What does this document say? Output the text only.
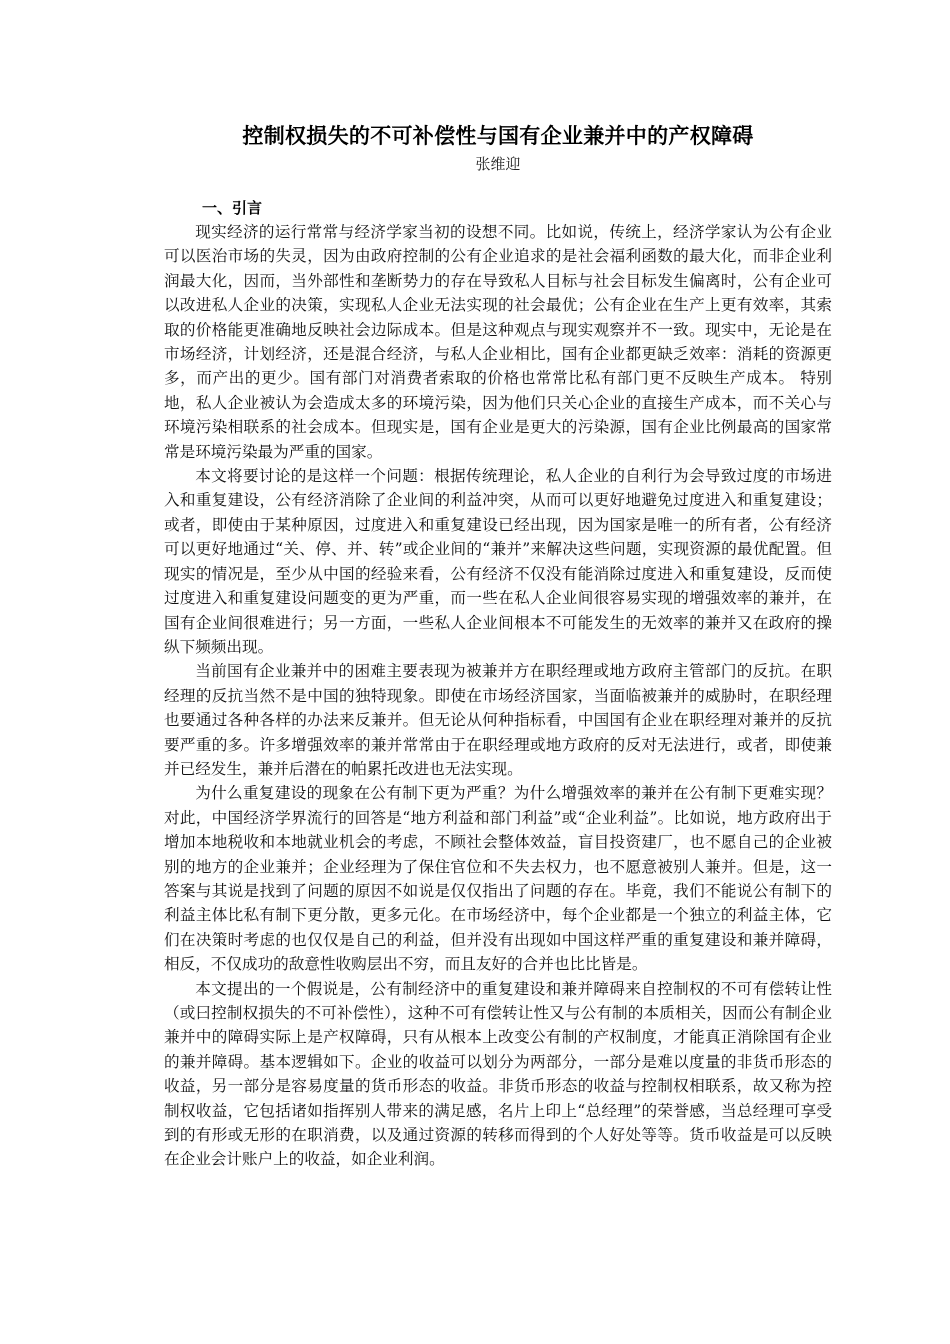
控制权损失的不可补偿性与国有企业兼并中的产权障碍

张维迎

一、引言

现实经济的运行常常与经济学家当初的设想不同。比如说，传统上，经济学家认为公有企业可以医治市场的失灵，因为由政府控制的公有企业追求的是社会福利函数的最大化，而非企业利润最大化，因而，当外部性和垄断势力的存在导致私人目标与社会目标发生偏离时，公有企业可以改进私人企业的决策，实现私人企业无法实现的社会最优；公有企业在生产上更有效率，其索取的价格能更准确地反映社会边际成本。但是这种观点与现实观察并不一致。现实中，无论是在市场经济，计划经济，还是混合经济，与私人企业相比，国有企业都更缺乏效率：消耗的资源更多，而产出的更少。国有部门对消费者索取的价格也常常比私有部门更不反映生产成本。 特别地，私人企业被认为会造成太多的环境污染，因为他们只关心企业的直接生产成本，而不关心与环境污染相联系的社会成本。但现实是，国有企业是更大的污染源，国有企业比例最高的国家常常是环境污染最为严重的国家。

本文将要讨论的是这样一个问题：根据传统理论，私人企业的自利行为会导致过度的市场进入和重复建设，公有经济消除了企业间的利益冲突，从而可以更好地避免过度进入和重复建设；或者，即使由于某种原因，过度进入和重复建设已经出现，因为国家是唯一的所有者，公有经济可以更好地通过“关、停、并、转”或企业间的“兼并”来解决这些问题，实现资源的最优配置。但现实的情况是，至少从中国的经验来看，公有经济不仅没有能消除过度进入和重复建设，反而使过度进入和重复建设问题变的更为严重，而一些在私人企业间很容易实现的增强效率的兼并，在国有企业间很难进行；另一方面，一些私人企业间根本不可能发生的无效率的兼并又在政府的操纵下频频出现。

当前国有企业兼并中的困难主要表现为被兼并方在职经理或地方政府主管部门的反抗。在职经理的反抗当然不是中国的独特现象。即使在市场经济国家，当面临被兼并的威胁时，在职经理也要通过各种各样的办法来反兼并。但无论从何种指标看，中国国有企业在职经理对兼并的反抗要严重的多。许多增强效率的兼并常常由于在职经理或地方政府的反对无法进行，或者，即使兼并已经发生，兼并后潜在的帕累托改进也无法实现。

为什么重复建设的现象在公有制下更为严重？为什么增强效率的兼并在公有制下更难实现？对此，中国经济学界流行的回答是“地方利益和部门利益”或“企业利益”。比如说，地方政府出于增加本地税收和本地就业机会的考虑，不顾社会整体效益，盲目投资建厂，也不愿自己的企业被别的地方的企业兼并；企业经理为了保住官位和不失去权力，也不愿意被别人兼并。但是，这一答案与其说是找到了问题的原因不如说是仅仅指出了问题的存在。毕竟，我们不能说公有制下的利益主体比私有制下更分散，更多元化。在市场经济中，每个企业都是一个独立的利益主体，它们在决策时考虑的也仅仅是自己的利益，但并没有出现如中国这样严重的重复建设和兼并障碍，相反，不仅成功的敌意性收购层出不穷，而且友好的合并也比比皆是。

本文提出的一个假说是，公有制经济中的重复建设和兼并障碍来自控制权的不可有偿转让性（或曰控制权损失的不可补偿性），这种不可有偿转让性又与公有制的本质相关，因而公有制企业兼并中的障碍实际上是产权障碍，只有从根本上改变公有制的产权制度，才能真正消除国有企业的兼并障碍。基本逻辑如下。企业的收益可以划分为两部分，一部分是难以度量的非货币形态的收益，另一部分是容易度量的货币形态的收益。非货币形态的收益与控制权相联系，故又称为控制权收益，它包括诸如指挥别人带来的满足感，名片上印上“总经理”的荣誉感，当总经理可享受到的有形或无形的在职消费，以及通过资源的转移而得到的个人好处等等。货币收益是可以反映在企业会计账户上的收益，如企业利润。
